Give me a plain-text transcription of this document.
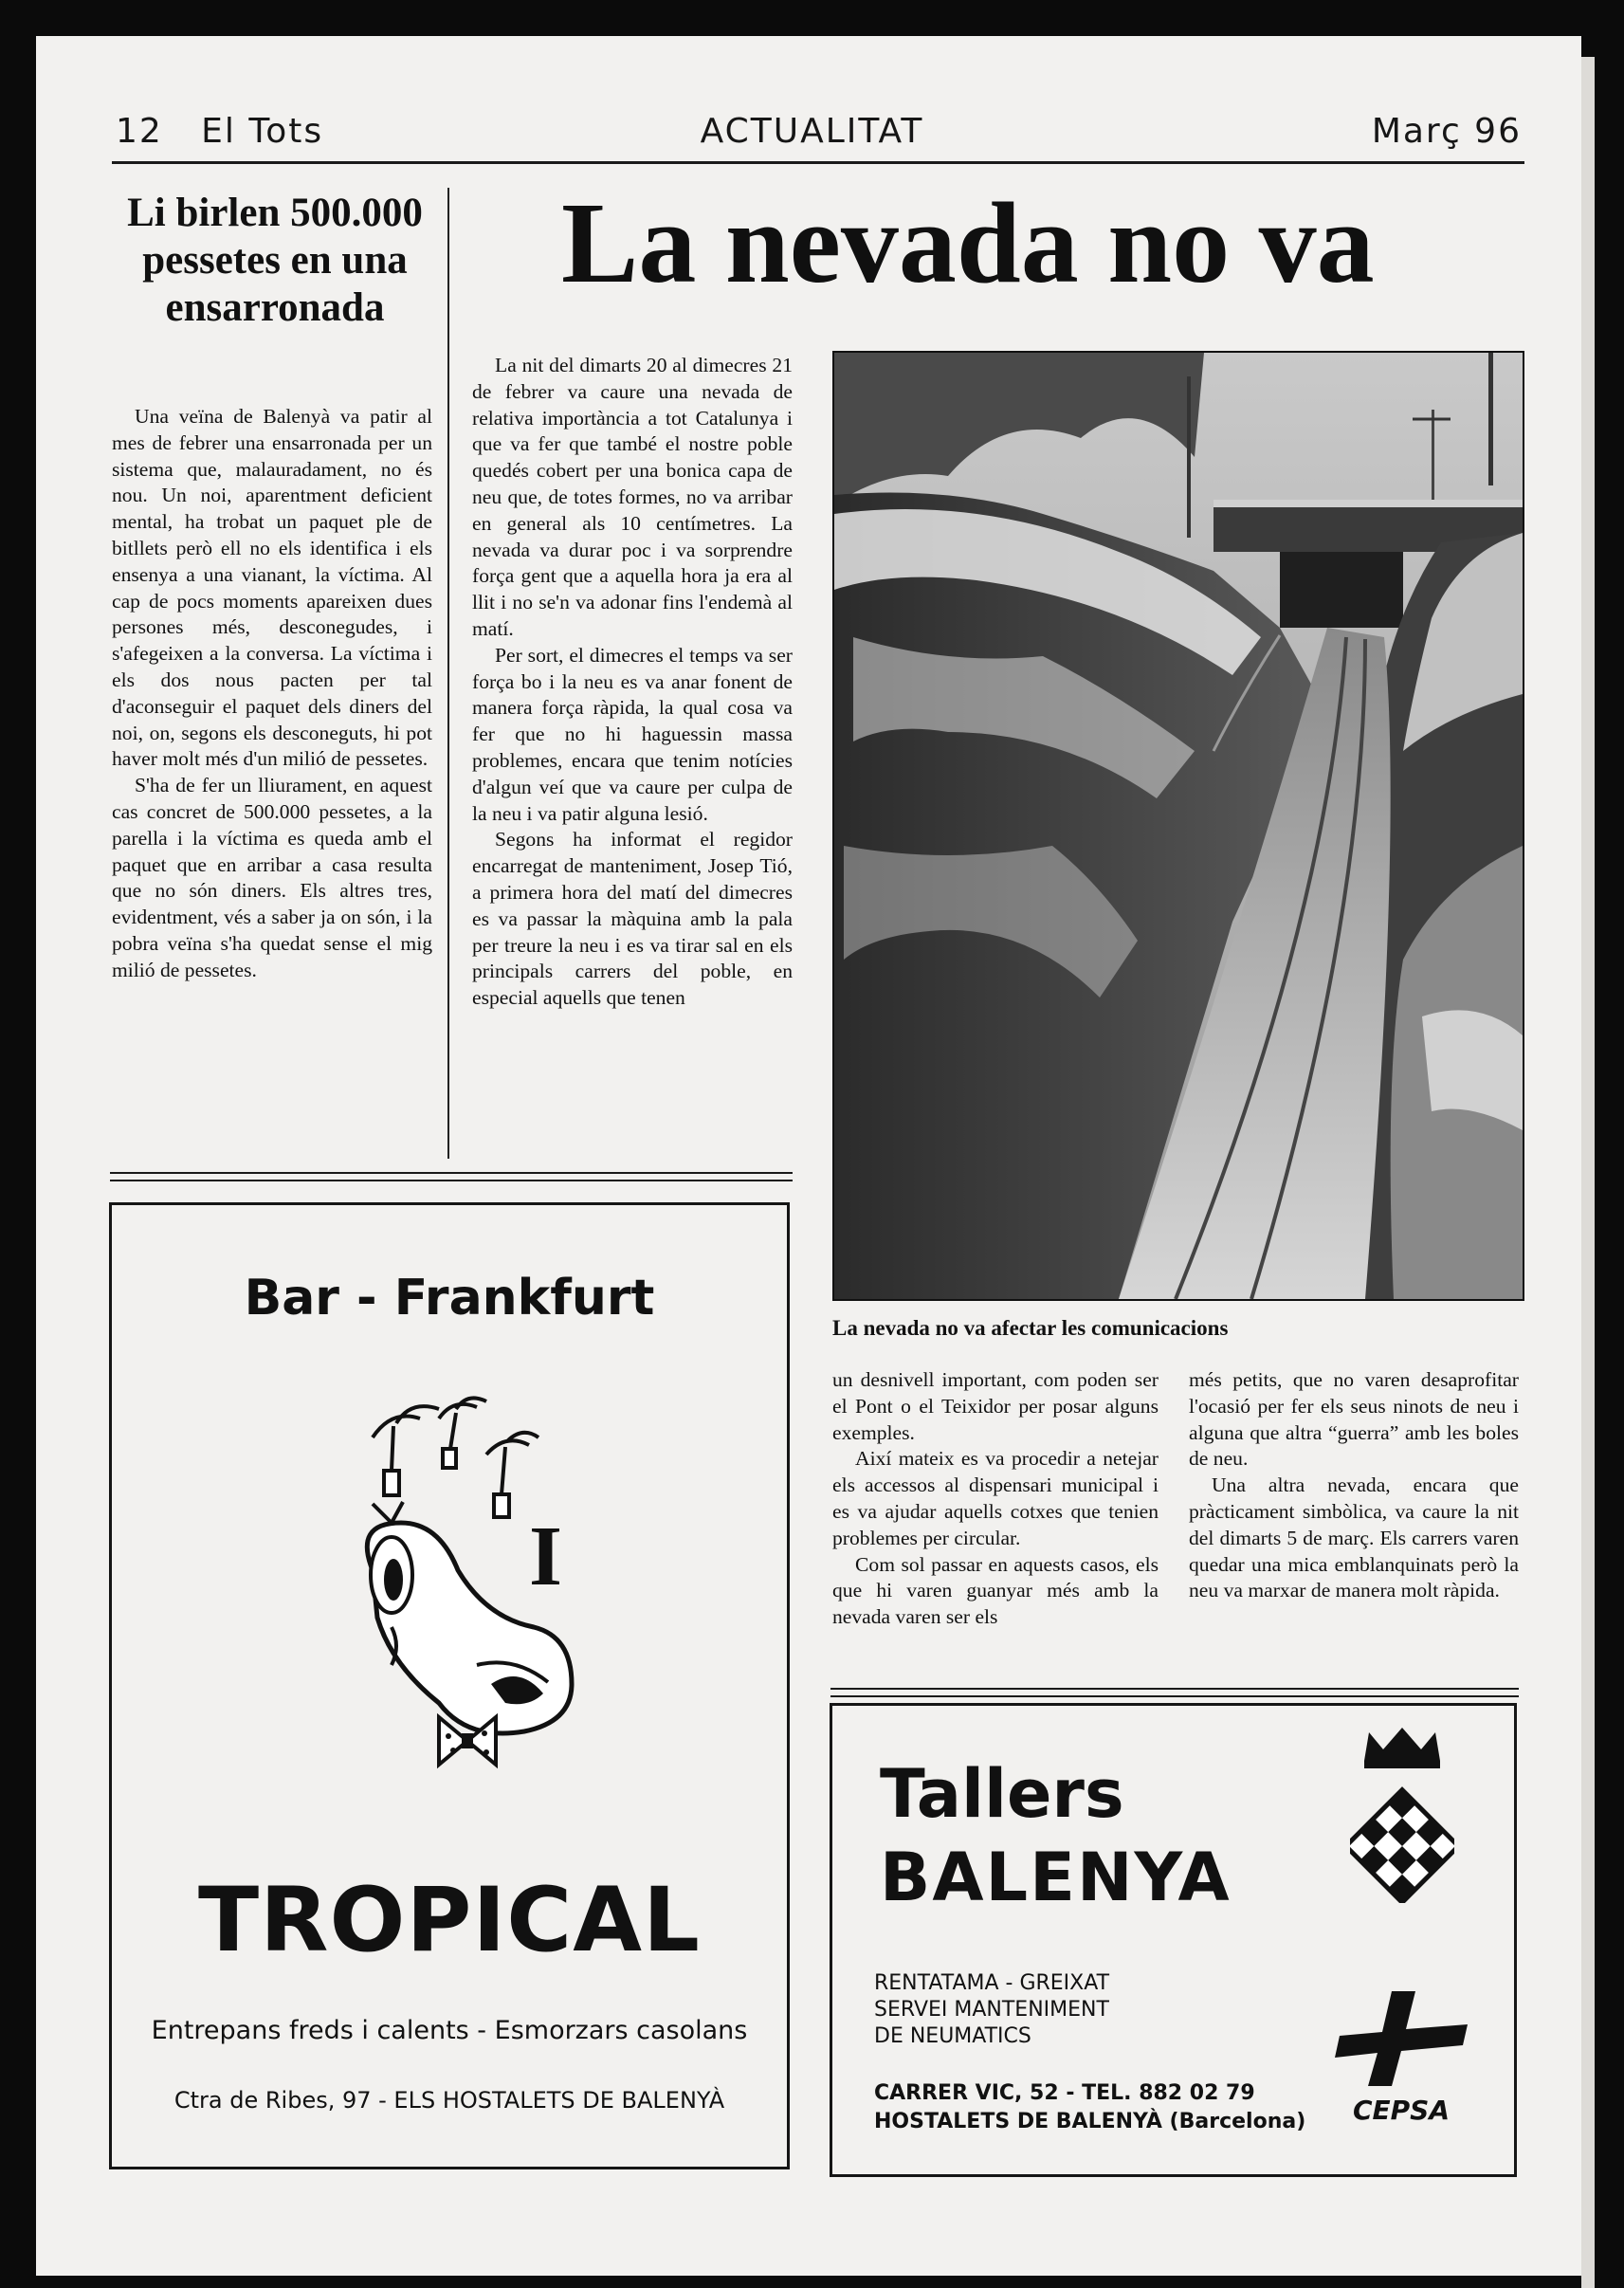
12 El Tots	ACTUALITAT	Març 96
Li birlen 500.000 pessetes en una ensarronada

Una veïna de Balenyà va patir al mes de febrer una ensarronada per un sistema que, malauradament, no és nou. Un noi, aparentment deficient mental, ha trobat un paquet ple de bitllets però ell no els identifica i els ensenya a una vianant, la víctima. Al cap de pocs moments apareixen dues persones més, desconegudes, i s'afegeixen a la conversa. La víctima i els dos nous pacten per tal d'aconseguir el paquet dels diners del noi, on, segons els desconeguts, hi pot haver molt més d'un milió de pessetes.

S'ha de fer un lliurament, en aquest cas concret de 500.000 pessetes, a la parella i la víctima es queda amb el paquet que en arribar a casa resulta que no són diners. Els altres tres, evidentment, vés a saber ja on són, i la pobra veïna s'ha quedat sense el mig milió de pessetes.

La nevada no va

La nit del dimarts 20 al dimecres 21 de febrer va caure una nevada de relativa importància a tot Catalunya i que va fer que també el nostre poble quedés cobert per una bonica capa de neu que, de totes formes, no va arribar en general als 10 centímetres. La nevada va durar poc i va sorprendre força gent que a aquella hora ja era al llit i no se'n va adonar fins l'endemà al matí.

Per sort, el dimecres el temps va ser força bo i la neu es va anar fonent de manera força ràpida, la qual cosa va fer que no hi haguessin massa problemes, encara que tenim notícies d'algun veí que va caure per culpa de la neu i va patir alguna lesió.

Segons ha informat el regidor encarregat de manteniment, Josep Tió, a primera hora del matí del dimecres es va passar la màquina amb la pala per treure la neu i es va tirar sal en els principals carrers del poble, en especial aquells que tenen

La nevada no va afectar les comunicacions

un desnivell important, com poden ser el Pont o el Teixidor per posar alguns exemples.

Així mateix es va procedir a netejar els accessos al dispensari municipal i es va ajudar aquells cotxes que tenien problemes per circular.

Com sol passar en aquests casos, els que hi varen guanyar més amb la nevada varen ser els

més petits, que no varen desaprofitar l'ocasió per fer els seus ninots de neu i alguna que altra “guerra” amb les boles de neu.

Una altra nevada, encara que pràcticament simbòlica, va caure la nit del dimarts 5 de març. Els carrers varen quedar una mica emblanquinats però la neu va marxar de manera molt ràpida.

Bar - Frankfurt
I
TROPICAL
Entrepans freds i calents - Esmorzars casolans
Ctra de Ribes, 97 - ELS HOSTALETS DE BALENYÀ
Tallers
BALENYA
RENTATAMA - GREIXAT
SERVEI MANTENIMENT
DE NEUMATICS
CARRER VIC, 52 - TEL. 882 02 79
HOSTALETS DE BALENYÀ (Barcelona)	CEPSA
